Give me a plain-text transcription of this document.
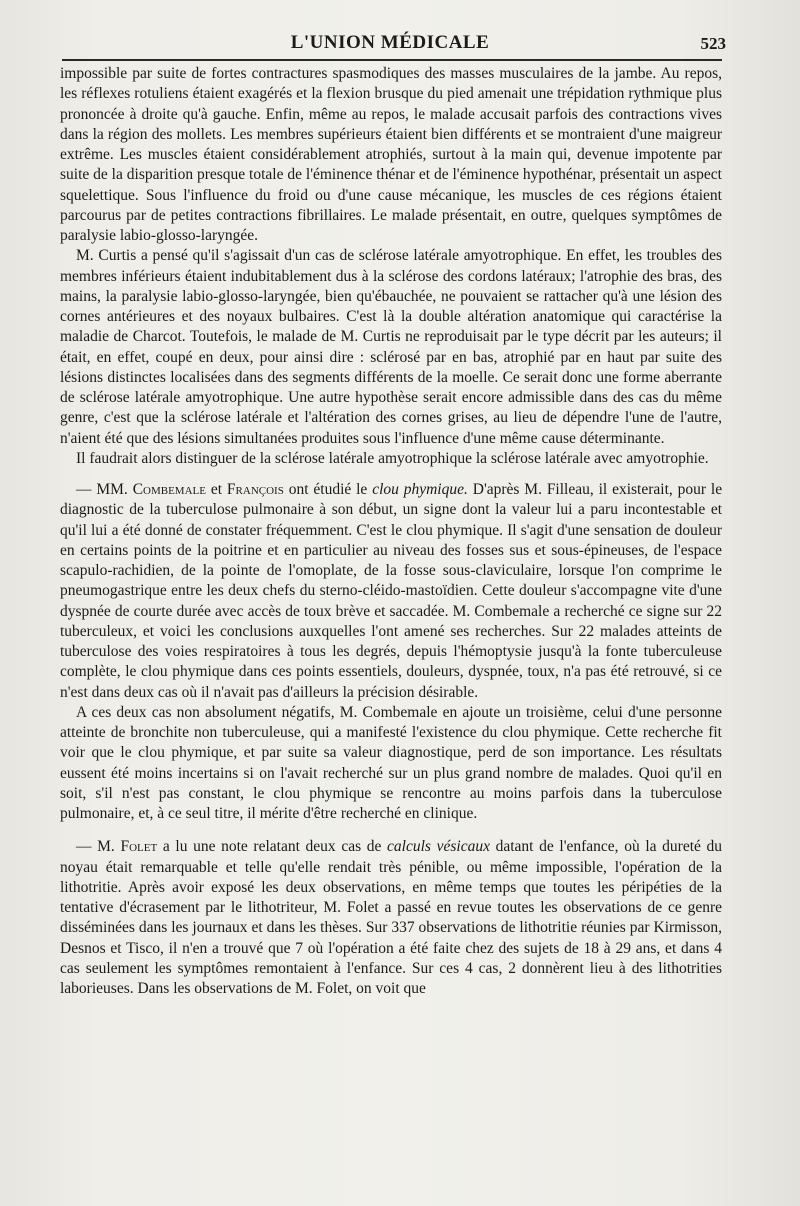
L'UNION MÉDICALE	523

impossible par suite de fortes contractures spasmodiques des masses musculaires de la jambe. Au repos, les réflexes rotuliens étaient exagérés et la flexion brusque du pied amenait une trépidation rythmique plus prononcée à droite qu'à gauche. Enfin, même au repos, le malade accusait parfois des contractions vives dans la région des mollets. Les membres supérieurs étaient bien différents et se montraient d'une maigreur extrême. Les muscles étaient considérablement atrophiés, surtout à la main qui, devenue impotente par suite de la disparition presque totale de l'éminence thénar et de l'éminence hypothénar, présentait un aspect squelettique. Sous l'influence du froid ou d'une cause mécanique, les muscles de ces régions étaient parcourus par de petites contractions fibrillaires. Le malade présentait, en outre, quelques symptômes de paralysie labio-glosso-laryngée.

M. Curtis a pensé qu'il s'agissait d'un cas de sclérose latérale amyotrophique. En effet, les troubles des membres inférieurs étaient indubitablement dus à la sclérose des cordons latéraux; l'atrophie des bras, des mains, la paralysie labio-glosso-laryngée, bien qu'ébauchée, ne pouvaient se rattacher qu'à une lésion des cornes antérieures et des noyaux bulbaires. C'est là la double altération anatomique qui caractérise la maladie de Charcot. Toutefois, le malade de M. Curtis ne reproduisait par le type décrit par les auteurs; il était, en effet, coupé en deux, pour ainsi dire : sclérosé par en bas, atrophié par en haut par suite des lésions distinctes localisées dans des segments différents de la moelle. Ce serait donc une forme aberrante de sclérose latérale amyotrophique. Une autre hypothèse serait encore admissible dans des cas du même genre, c'est que la sclérose latérale et l'altération des cornes grises, au lieu de dépendre l'une de l'autre, n'aient été que des lésions simultanées produites sous l'influence d'une même cause déterminante.

Il faudrait alors distinguer de la sclérose latérale amyotrophique la sclérose latérale avec amyotrophie.

— MM. Combemale et François ont étudié le clou phymique. D'après M. Filleau, il existerait, pour le diagnostic de la tuberculose pulmonaire à son début, un signe dont la valeur lui a paru incontestable et qu'il lui a été donné de constater fréquemment. C'est le clou phymique. Il s'agit d'une sensation de douleur en certains points de la poitrine et en particulier au niveau des fosses sus et sous-épineuses, de l'espace scapulo-rachidien, de la pointe de l'omoplate, de la fosse sous-claviculaire, lorsque l'on comprime le pneumogastrique entre les deux chefs du sterno-cléido-mastoïdien. Cette douleur s'accompagne vite d'une dyspnée de courte durée avec accès de toux brève et saccadée. M. Combemale a recherché ce signe sur 22 tuberculeux, et voici les conclusions auxquelles l'ont amené ses recherches. Sur 22 malades atteints de tuberculose des voies respiratoires à tous les degrés, depuis l'hémoptysie jusqu'à la fonte tuberculeuse complète, le clou phymique dans ces points essentiels, douleurs, dyspnée, toux, n'a pas été retrouvé, si ce n'est dans deux cas où il n'avait pas d'ailleurs la précision désirable.

A ces deux cas non absolument négatifs, M. Combemale en ajoute un troisième, celui d'une personne atteinte de bronchite non tuberculeuse, qui a manifesté l'existence du clou phymique. Cette recherche fit voir que le clou phymique, et par suite sa valeur diagnostique, perd de son importance. Les résultats eussent été moins incertains si on l'avait recherché sur un plus grand nombre de malades. Quoi qu'il en soit, s'il n'est pas constant, le clou phymique se rencontre au moins parfois dans la tuberculose pulmonaire, et, à ce seul titre, il mérite d'être recherché en clinique.

— M. Folet a lu une note relatant deux cas de calculs vésicaux datant de l'enfance, où la dureté du noyau était remarquable et telle qu'elle rendait très pénible, ou même impossible, l'opération de la lithotritie. Après avoir exposé les deux observations, en même temps que toutes les péripéties de la tentative d'écrasement par le lithotriteur, M. Folet a passé en revue toutes les observations de ce genre disséminées dans les journaux et dans les thèses. Sur 337 observations de lithotritie réunies par Kirmisson, Desnos et Tisco, il n'en a trouvé que 7 où l'opération a été faite chez des sujets de 18 à 29 ans, et dans 4 cas seulement les symptômes remontaient à l'enfance. Sur ces 4 cas, 2 donnèrent lieu à des lithotrities laborieuses. Dans les observations de M. Folet, on voit que
